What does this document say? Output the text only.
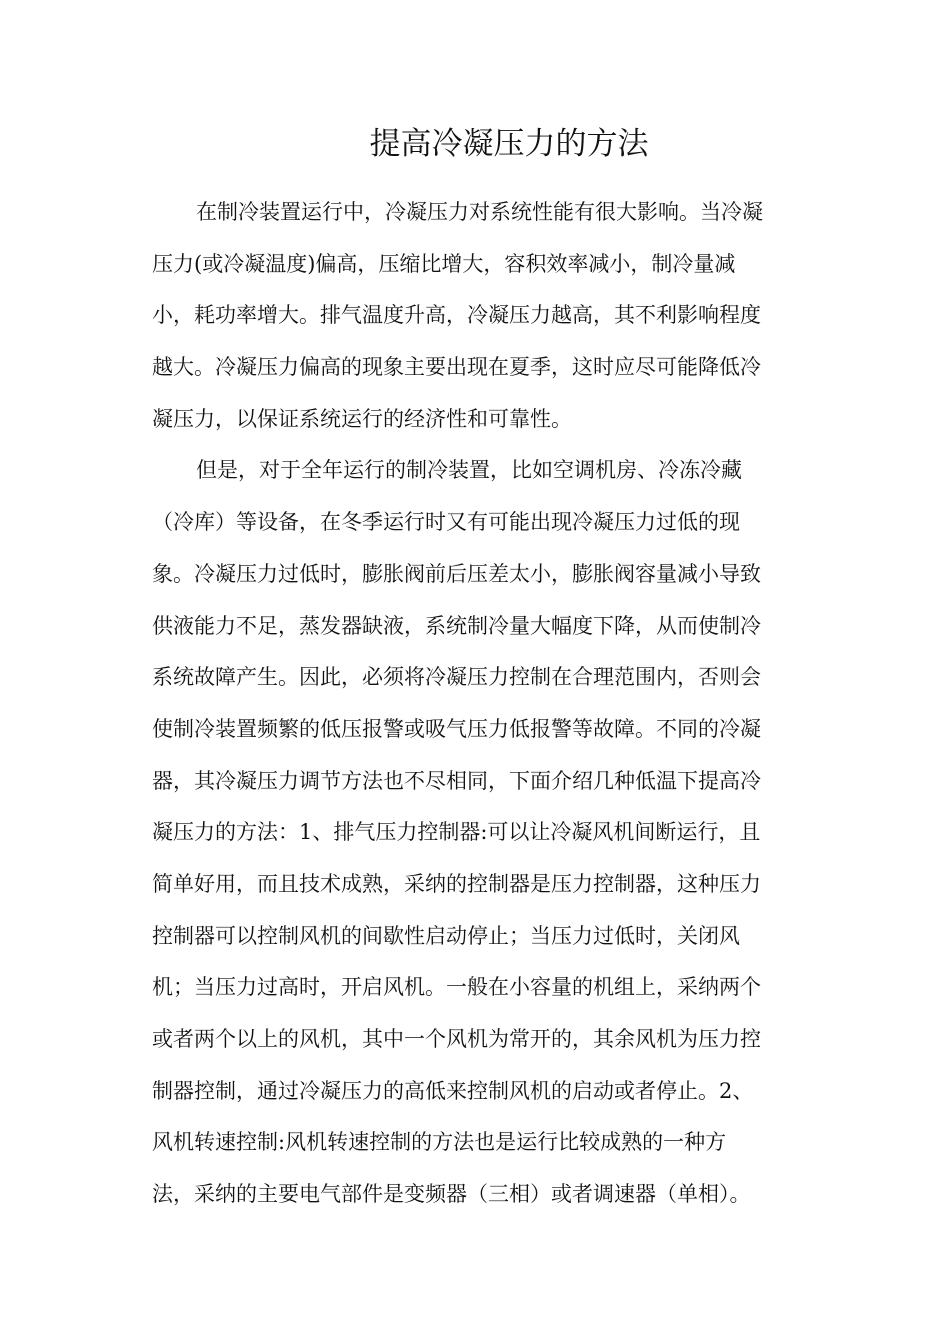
提高冷凝压力的方法
在制冷装置运行中，冷凝压力对系统性能有很大影响。当冷凝
压力(或冷凝温度)偏高，压缩比增大，容积效率减小，制冷量减
小，耗功率增大。排气温度升高，冷凝压力越高，其不利影响程度
越大。冷凝压力偏高的现象主要出现在夏季，这时应尽可能降低冷
凝压力，以保证系统运行的经济性和可靠性。
但是，对于全年运行的制冷装置，比如空调机房、冷冻冷藏
（冷库）等设备，在冬季运行时又有可能出现冷凝压力过低的现
象。冷凝压力过低时，膨胀阀前后压差太小，膨胀阀容量减小导致
供液能力不足，蒸发器缺液，系统制冷量大幅度下降，从而使制冷
系统故障产生。因此，必须将冷凝压力控制在合理范围内，否则会
使制冷装置频繁的低压报警或吸气压力低报警等故障。不同的冷凝
器，其冷凝压力调节方法也不尽相同，下面介绍几种低温下提高冷
凝压力的方法：1、排气压力控制器:可以让冷凝风机间断运行，且
简单好用，而且技术成熟，采纳的控制器是压力控制器，这种压力
控制器可以控制风机的间歇性启动停止；当压力过低时，关闭风
机；当压力过高时，开启风机。一般在小容量的机组上，采纳两个
或者两个以上的风机，其中一个风机为常开的，其余风机为压力控
制器控制，通过冷凝压力的高低来控制风机的启动或者停止。2、
风机转速控制:风机转速控制的方法也是运行比较成熟的一种方
法，采纳的主要电气部件是变频器（三相）或者调速器（单相）。
